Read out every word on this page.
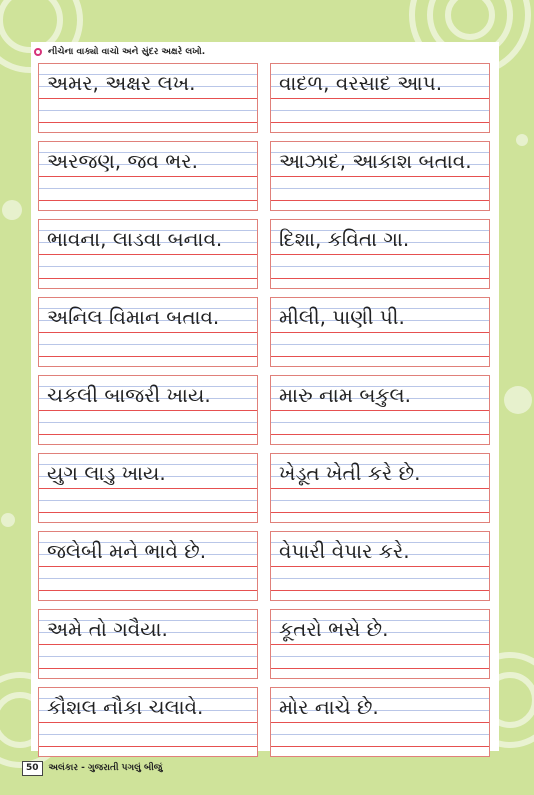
નીચેના વાક્યો વાચો અને સુંદર અક્ષરે લખો.
અમર, અક્ષર લખ.	વાદળ, વરસાદ આપ.
અરજણ, જવ ભર.	આઝાદ, આકાશ બતાવ.
ભાવના, લાડવા બનાવ.	દિશા, કવિતા ગા.
અનિલ વિમાન બતાવ.	મીલી, પાણી પી.
ચકલી બાજરી ખાય.	મારુ નામ બકુલ.
યુગ લાડુ ખાય.	ખેડૂત ખેતી કરે છે.
જલેબી મને ભાવે છે.	વેપારી વેપાર કરે.
અમે તો ગવૈયા.	કૂતરો ભસે છે.
કૌશલ નૌકા ચલાવે.	મોર નાચે છે.
50	અલંકાર - ગુજરાતી પગલું બીજું
